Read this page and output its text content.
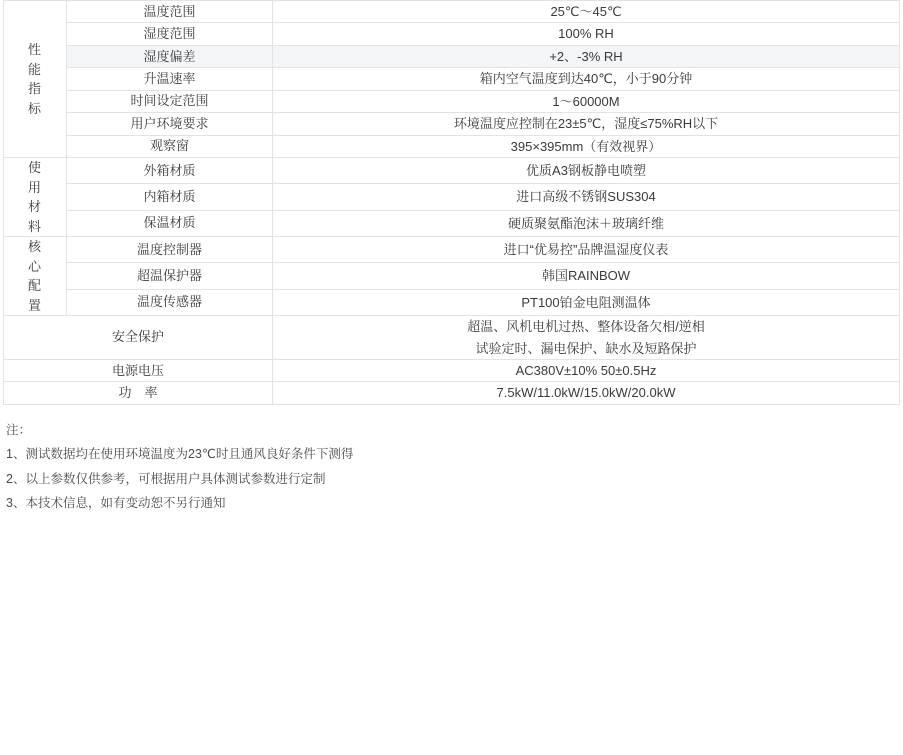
性
能
指
标	温度范围	25℃～45℃

	湿度范围	100% RH

	湿度偏差	+2、-3% RH

	升温速率	箱内空气温度到达40℃，小于90分钟

	时间设定范围	1～60000M

	用户环境要求	环境温度应控制在23±5℃，湿度≤75%RH以下

	观察窗	395×395mm（有效视界）

使
用
材
料	外箱材质	优质A3钢板静电喷塑

	内箱材质	进口高级不锈钢SUS304

	保温材质	硬质聚氨酯泡沫＋玻璃纤维

核
心
配
置	温度控制器	进口“优易控”品牌温湿度仪表

	超温保护器	韩国RAINBOW

	温度传感器	PT100铂金电阻测温体

安全保护		超温、风机电机过热、整体设备欠相/逆相
试验定时、漏电保护、缺水及短路保护

电源电压		AC380V±10% 50±0.5Hz

功　率		7.5kW/11.0kW/15.0kW/20.0kW
注：
1、测试数据均在使用环境温度为23℃时且通风良好条件下测得
2、以上参数仅供参考，可根据用户具体测试参数进行定制
3、本技术信息，如有变动恕不另行通知
